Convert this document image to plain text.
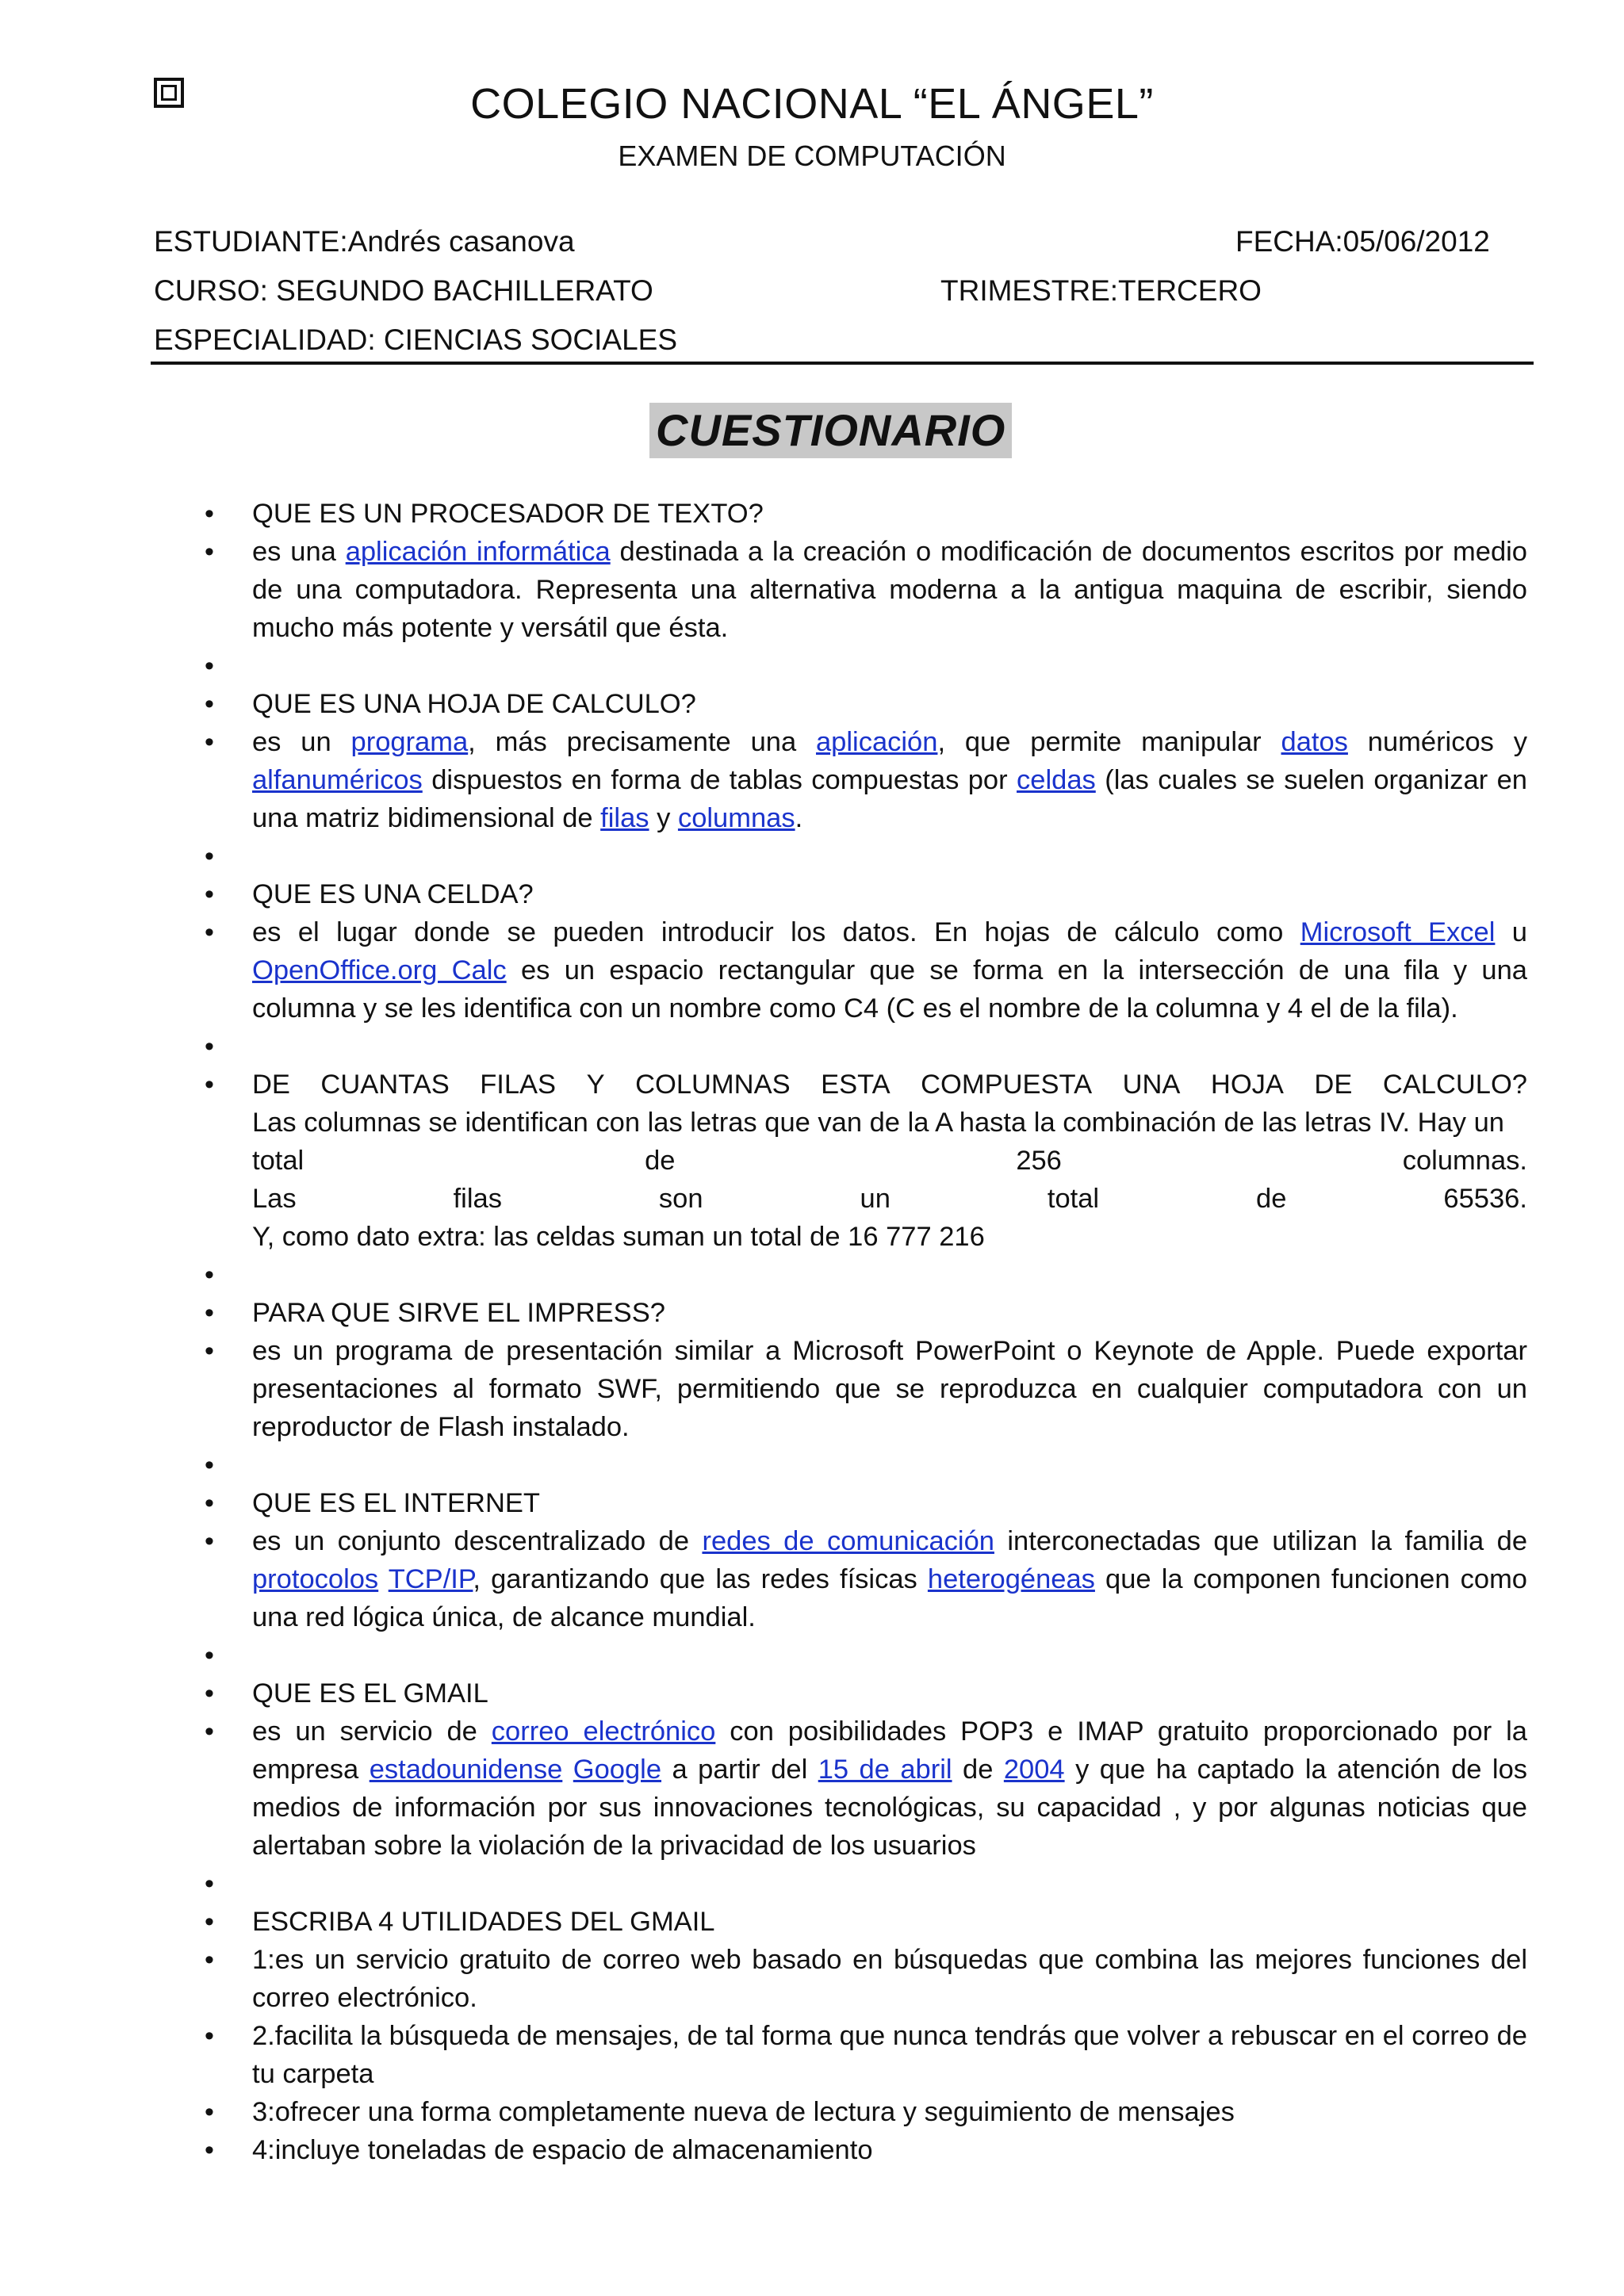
COLEGIO NACIONAL “EL ÁNGEL”
EXAMEN DE COMPUTACIÓN
ESTUDIANTE:Andrés casanova	FECHA:05/06/2012
CURSO: SEGUNDO BACHILLERATO	TRIMESTRE:TERCERO
ESPECIALIDAD: CIENCIAS SOCIALES
CUESTIONARIO
• QUE ES UN PROCESADOR DE TEXTO?
• es una aplicación informática destinada a la creación o modificación de documentos escritos por medio de una computadora. Representa una alternativa moderna a la antigua maquina de escribir, siendo mucho más potente y versátil que ésta.
•
• QUE ES UNA HOJA DE CALCULO?
• es un programa, más precisamente una aplicación, que permite manipular datos numéricos y alfanuméricos dispuestos en forma de tablas compuestas por celdas (las cuales se suelen organizar en una matriz bidimensional de filas y columnas.
•
• QUE ES UNA CELDA?
• es el lugar donde se pueden introducir los datos. En hojas de cálculo como Microsoft Excel u OpenOffice.org Calc es un espacio rectangular que se forma en la intersección de una fila y una columna y se les identifica con un nombre como C4 (C es el nombre de la columna y 4 el de la fila).
•
• DE CUANTAS FILAS Y COLUMNAS ESTA COMPUESTA UNA HOJA DE CALCULO?
Las columnas se identifican con las letras que van de la A hasta la combinación de las letras IV. Hay un
total	de	256	columnas.
Las	filas	son	un	total	de	65536.
Y, como dato extra: las celdas suman un total de 16 777 216
•
• PARA QUE SIRVE EL IMPRESS?
• es un programa de presentación similar a Microsoft PowerPoint o Keynote de Apple. Puede exportar presentaciones al formato SWF, permitiendo que se reproduzca en cualquier computadora con un reproductor de Flash instalado.
•
• QUE ES EL INTERNET
• es un conjunto descentralizado de redes de comunicación interconectadas que utilizan la familia de protocolos TCP/IP, garantizando que las redes físicas heterogéneas que la componen funcionen como una red lógica única, de alcance mundial.
•
• QUE ES EL GMAIL
• es un servicio de correo electrónico con posibilidades POP3 e IMAP gratuito proporcionado por la empresa estadounidense Google a partir del 15 de abril de 2004 y que ha captado la atención de los medios de información por sus innovaciones tecnológicas, su capacidad , y por algunas noticias que alertaban sobre la violación de la privacidad de los usuarios
•
• ESCRIBA 4 UTILIDADES DEL GMAIL
• 1:es un servicio gratuito de correo web basado en búsquedas que combina las mejores funciones del correo electrónico.
• 2.facilita la búsqueda de mensajes, de tal forma que nunca tendrás que volver a rebuscar en el correo de tu carpeta
• 3:ofrecer una forma completamente nueva de lectura y seguimiento de mensajes
• 4:incluye toneladas de espacio de almacenamiento
